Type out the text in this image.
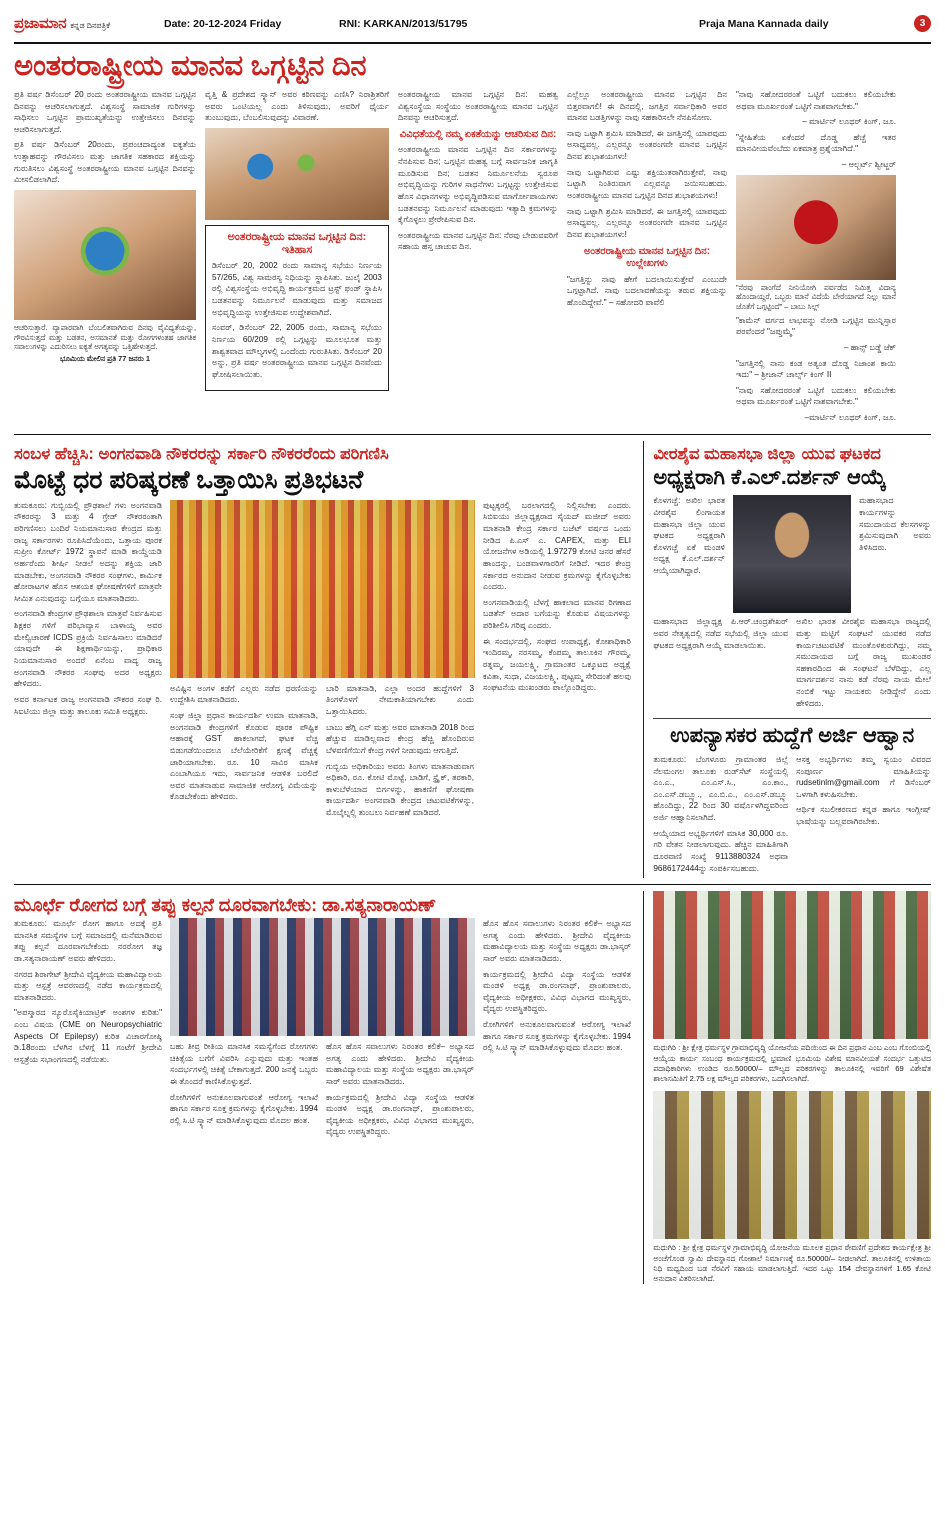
ಪ್ರಜಾಮಾನ ಕನ್ನಡ ದಿನಪತ್ರಿಕೆ	Date: 20-12-2024 Friday	RNI: KARKAN/2013/51795	Praja Mana Kannada daily	3
ಅಂತರರಾಷ್ಟ್ರೀಯ ಮಾನವ ಒಗ್ಗಟ್ಟಿನ ದಿನ

ಪ್ರತಿ ವರ್ಷ ಡಿಸೆಂಬರ್ 20 ರಂದು ಅಂತರರಾಷ್ಟ್ರೀಯ ಮಾನವ ಒಗ್ಗಟ್ಟಿನ ದಿನವನ್ನು ಆಚರಿಸಲಾಗುತ್ತದೆ. ವಿಶ್ವಸಂಸ್ಥೆ ಸಾಮಾಜಿಕ ಗುರಿಗಳನ್ನು ಸಾಧಿಸಲು ಒಗ್ಗಟ್ಟಿನ ಪ್ರಾಮುಖ್ಯತೆಯನ್ನು ಉತ್ತೇಜಿಸಲು ದಿನವನ್ನು ಆಚರಿಸಲಾಗುತ್ತದೆ.

ಪ್ರತಿ ವರ್ಷ ಡಿಸೆಂಬರ್ 20ರಂದು, ಪ್ರಪಂಚದಾದ್ಯಂತ ಐಕ್ಯತೆಯ ಉತ್ಸಾಹವನ್ನು ಗೌರವಿಸಲು ಮತ್ತು ಜಾಗತಿಕ ಸಹಕಾರದ ಶಕ್ತಿಯನ್ನು ಗುರುತಿಸಲು ವಿಶ್ವಸಂಸ್ಥೆ ಅಂತರರಾಷ್ಟ್ರೀಯ ಮಾನವ ಒಗ್ಗಟ್ಟಿನ ದಿನವನ್ನು ಮೀಸಲಿಡಲಾಗಿದೆ.

ಆಚರಿಸುತ್ತಾರೆ. ವ್ಯಾಪಾರವಾಗಿ ಬೆಂಬಲಿತವಾಗಿರುವ ದಿನವು ವೈವಿಧ್ಯತೆಯನ್ನು, ಗೌರವಿಸುತ್ತದೆ ಮತ್ತು ಬಡತನ, ಅಸಮಾನತೆ ಮತ್ತು ರೋಗಗಳಂತಹ ಜಾಗತಿಕ ಸವಾಲುಗಳನ್ನು ಎದುರಿಸಲು ಐಕ್ಯತೆ ಅಗತ್ಯವನ್ನು ಒತ್ತಿಹೇಳುತ್ತದೆ.
ಭೂಮಿಯ ಮೇಲಿನ ಪ್ರತಿ 77 ಜನರು 1

ವೃತ್ತಿ & ಪ್ರದೇಶದ ಸ್ಕ್ಯಾನ್ ಅವರ ಕಠಿಣವನ್ನು ಎಣಿಸಿ? ನಿರಾಶ್ರಿತರಿಗೆ ಅವರು ಒಂಟಿಯಲ್ಲ ಎಂದು ತಿಳಿಸುವುದು, ಅವರಿಗೆ ಧೈರ್ಯ ತುಂಬುವುದು, ಬೆಂಬಲಿಸುವುದನ್ನು ವಿವಾರಣೆ.

ಅಂತರರಾಷ್ಟ್ರೀಯ ಮಾನವ ಒಗ್ಗಟ್ಟಿನ ದಿನ: ಇತಿಹಾಸ

ಡಿಸೆಂಬರ್ 20, 2002 ರಂದು ಸಾಮಾನ್ಯ ಸಭೆಯು ನಿರ್ಣಯ 57/265, ವಿಶ್ವ ಸಾಮರಸ್ಯ ನಿಧಿಯನ್ನು ಸ್ಥಾಪಿಸಿತು. ಜುಲೈ 2003 ರಲ್ಲಿ ವಿಶ್ವಸಂಸ್ಥೆಯ ಅಭಿವೃದ್ಧಿ ಕಾರ್ಯಕ್ರಮದ ಟ್ರಸ್ಟ್ ಫಂಡ್ ಸ್ಥಾಪಿಸಿ ಬಡತನವನ್ನು ನಿರ್ಮೂಲನೆ ಮಾಡುವುದು ಮತ್ತು ಸಮಾಜದ ಅಭಿವೃದ್ಧಿಯನ್ನು ಉತ್ತೇಜಿಸುವ ಉದ್ದೇಶವಾಗಿದೆ.

ಸಂವರ್, ಡಿಸೆಂಬರ್ 22, 2005 ರಂದು, ಸಾಮಾನ್ಯ ಸಭೆಯು ನಿರ್ಣಯ 60/209 ರಲ್ಲಿ ಒಗ್ಗಟ್ಟನ್ನು ಮೂಲಭೂತ ಮತ್ತು ಶಾಶ್ವತವಾದ ಮೌಲ್ಯಗಳಲ್ಲಿ ಒಂದೆಂದು ಗುರುತಿಸಿತು. ಡಿಸೆಂಬರ್ 20 ಅನ್ನು, ಪ್ರತಿ ವರ್ಷ ಅಂತರರಾಷ್ಟ್ರೀಯ ಮಾನವ ಒಗ್ಗಟ್ಟಿನ ದಿನವೆಂದು ಘೋಷಿಸಲಾಯಿತು.

ಅಂತರರಾಷ್ಟ್ರೀಯ ಮಾನವ ಒಗ್ಗಟ್ಟಿನ ದಿನ: ಮಹತ್ವ ವಿಶ್ವಸಂಸ್ಥೆಯ ಸಂಸ್ಥೆಯು ಅಂತರರಾಷ್ಟ್ರೀಯ ಮಾನವ ಒಗ್ಗಟ್ಟಿನ ದಿನವನ್ನು ಆಚರಿಸುತ್ತದೆ.

ವಿವಿಧತೆಯಲ್ಲಿ ನಮ್ಮ ಏಕತೆಯನ್ನು ಆಚರಿಸುವ ದಿನ:

ಅಂತರರಾಷ್ಟ್ರೀಯ ಮಾನವ ಒಗ್ಗಟ್ಟಿನ ದಿನ ಸರ್ಕಾರಗಳನ್ನು ನೆನಪಿಸುವ ದಿನ; ಒಗ್ಗಟ್ಟಿನ ಮಹತ್ವ ಬಗ್ಗೆ ಸಾರ್ವಜನಿಕ ಜಾಗೃತಿ ಮೂಡಿಸುವ ದಿನ; ಬಡತನ ನಿರ್ಮೂಲನೆಯ ಸ್ವರೂಪ ಅಭಿವೃದ್ಧಿಯನ್ನು ಗುರಿಗಳ ಸಾಧನೆಗಳು ಒಗ್ಗಟ್ಟನ್ನು ಉತ್ತೇಜಿಸುವ ಹೊಸ ವಿಧಾನಗಳನ್ನು ಅಭಿವೃದ್ಧಿಪಡಿಸುವ ಮಾರ್ಗೋಪಾಯಗಳು ಬಡತನವನ್ನು ನಿರ್ಮೂಲನೆ ಮಾಡುವುದು ಇತ್ಯಾದಿ ಕ್ರಮಗಳನ್ನು ಕೈಗೊಳ್ಳಲು ಪ್ರೇರೇಪಿಸುವ ದಿನ.

ಅಂತರರಾಷ್ಟ್ರೀಯ ಮಾನವ ಒಗ್ಗಟ್ಟಿನ ದಿನ: ನೆರವು ಬೇಡುವವರಿಗೆ ಸಹಾಯ ಹಸ್ತ ಚಾಚುವ ದಿನ.

ಎಲ್ಲೆಲ್ಲೂ ಅಂತರರಾಷ್ಟ್ರೀಯ ಮಾನವ ಒಗ್ಗಟ್ಟಿನ ದಿನ ಬಿತ್ತರವಾಗಲಿ! ಈ ದಿನದಲ್ಲಿ, ಜಗತ್ತಿನ ಸರ್ವಾಧಿಕಾರಿ ಅವರ ಮಾನವ ಬಡತ್ತಿಗಳನ್ನು ನಾವು ಸಹಕಾರಿಸಲೇ ನೆನಪಿಸೋಣ.

ನಾವು ಒಟ್ಟಾಗಿ ಶ್ರಮಿಸಿ ಮಾಡಿದರೆ, ಈ ಜಗತ್ತಿನಲ್ಲಿ ಯಾಪವುದು ಅಸಾಧ್ಯವಲ್ಲ. ಎಲ್ಲರನ್ನೂ ಅಂತರಂಗವೇ ಮಾನವ ಒಗ್ಗಟ್ಟಿನ ದಿನವ ಶುಭಾಶಯಗಳು!

ನಾವು ಒಟ್ಟಾಗಿರುವ ಎಷ್ಟು ಶಕ್ತಿಯುತರಾಗಿರುತ್ತೇವೆ, ನಾವು ಒಟ್ಟಾಗಿ ನಿಂತಿರುವಾಗ ಎಲ್ಲವನ್ನೂ ಜಯಿಸಬಹುದು. ಅಂತರರಾಷ್ಟ್ರೀಯ ಮಾನವ ಒಗ್ಗಟ್ಟಿನ ದಿನದ ಶುಭಾಶಯಗಳು!

ನಾವು ಒಟ್ಟಾಗಿ ಶ್ರಮಿಸಿ ಮಾಡಿದರೆ, ಈ ಜಗತ್ತಿನಲ್ಲಿ ಯಾಪವುದು ಅಸಾಧ್ಯವಲ್ಲ. ಎಲ್ಲರನ್ನೂ ಅಂತರಂಗವೇ ಮಾನವ ಒಗ್ಗಟ್ಟಿನ ದಿನವ ಶುಭಾಶಯಗಳು!

ಅಂತರರಾಷ್ಟ್ರೀಯ ಮಾನವ ಒಗ್ಗಟ್ಟಿನ ದಿನ: ಉಲ್ಲೇಖಗಳು

"ಜಗತ್ತಿನ್ನು ನಾವು ಹೇಗೆ ಬದಲಾಯಿಸುತ್ತೇವೆ ಎಂಬುದೇ ಒಗ್ಗಟ್ಟಾಗಿದೆ. ನಾವು ಬದಲಾವಣೆಯನ್ನು ತರುವ ಶಕ್ತಿಯನ್ನು ಹೊಂದಿದ್ದೇವೆ." – ಸಹೋದರಿ ಪಾವೆಲಿ

"ನಾವು ಸಹೋದರರಂತೆ ಒಟ್ಟಿಗೆ ಬದುಕಲು ಕಲಿಯಬೇಕು ಅಥವಾ ಮೂರ್ಖರಂತೆ ಒಟ್ಟಿಗೆ ನಾಶವಾಗಬೇಕು."

– ಮಾರ್ಟಿನ್ ಲೂಥರ್ ಕಿಂಗ್, ಜೂ.

"ಸ್ನೇಹಿತೆಯ ಏಕೆಂದರೆ ದೊಡ್ಡ ಹೆಚ್ಚೆ ಇತರ ಮಾನವೀಯವೆಂಬೆದು ಏಕಮಾತ್ರ ಪ್ರಶ್ನೆಯಾಗಿದೆ."

– ಆಲ್ಬರ್ಟ್ ಶ್ವೀಟ್ಜರ್

"ನೆರವು ಪಾಂಗೆದೆ ನೀನಿಯೋಗಿ ಪರ್ವಡೆದ ನಿಮಿತ್ತ ವಿದಾನ್ಯ ಹೊಂದಾಯ್ದರೆ, ಒಬ್ಬರು ಮಾನೆ ವಿದೆಯೆ ಬೇರೆಯಾಗದೆ ನಿಲ್ಲು ಮಾನೆ ಜೊತೆಗೆ ಒಗ್ಗಟ್ಟಿಂದೆ" – ಬಾಬು ಸಿಲ್ಲ್

"ಕಾಮೆನ್ ವರ್ಗದ ಲಾಭವನ್ನು ನೋಡಿ ಒಗ್ಗಟ್ಟಿನ ಮುನ್ನಿಸ್ತಾರ ಪರವೆಂದರೆ "ಜಪ್ತುಮ್ಮೆ"

– ಹಾನ್ಸ್ ಬಡ್ಡೆ ಜೆಕ್

"ಜಗತ್ತಿನಲ್ಲಿ ನಾನು ಕಂಡ ಅತ್ಯಂತ ದೊಡ್ಡ ನಿಜಾಂಶ ಕಾಯಿ ಇದು" – ಶ್ರೀಜಾನ್ ಚಾರ್ಲ್ಸ್ ಕಿಂಗ್ II

"ನಾವು ಸಹೋದರರಂತೆ ಒಟ್ಟಿಗೆ ಬದುಕಲು ಕಲಿಯಬೇಕು ಅಥವಾ ಮೂರ್ಖರಂತೆ ಒಟ್ಟಿಗೆ ನಾಶವಾಗಬೇಕು."

–ಮಾರ್ಟಿನ್ ಲೂಥರ್ ಕಿಂಗ್, ಜೂ.

ಸಂಬಳ ಹೆಚ್ಚಿಸಿ: ಅಂಗನವಾಡಿ ನೌಕರರನ್ನು ಸರ್ಕಾರಿ ನೌಕರರೆಂದು ಪರಿಗಣಿಸಿ
ಮೊಟ್ಟೆ ಧರ ಪರಿಷ್ಕರಣೆ ಒತ್ತಾಯಿಸಿ ಪ್ರತಿಭಟನೆ

ತುಮಕೂರು: ಗುಬ್ಬಿಯಲ್ಲಿ ಪ್ರೌಢಶಾಲೆ ಗಳು ಅಂಗನವಾಡಿ ನೌಕರರನ್ನು 3 ಮತ್ತು 4 ಗ್ರೇಡ್ ನೌಕರರಂತಾಗಿ ಪರಿಗಣಿಸಲು ಬಂದಿರೆ ನಿಯಮಾನುಸಾರ ಕೇಂದ್ರದ ಮತ್ತು ರಾಜ್ಯ ಸರ್ಕಾರಗಳು ರೂಪಿಸಿದೆಯೆಂದು, ಒತ್ತಾಯ ಪೂರಕ ಸುಪ್ರೀಂ ಕೋರ್ಟ್ 1972 ಸ್ಥಾಪನೆ ಮಾಡಿ ಕಾಯ್ದೆಯಡಿ ಅರ್ಹರೆಂದು ಶೀರ್ಷಿ ನೀಡಲೆ ಅದನ್ನು ಶಕ್ತಿಯ ಜಾರಿ ಮಾಡಬೇಕು, ಅಂಗನವಾಡಿ ನೌಕರರ ಸಂಘಗಳು, ಕಾರ್ಮಿಕ ಹೋರಾಟಗಳ ಹೊಸ ಆಶಯಕ ಘೋಷಣೆಗಳಿಗೆ ಮಾತ್ರವೇ ಸೀಮಿತ ಎನುವುದನ್ನು ಬಗ್ಗೆಯೂ ಮಾತನಾಡಿದರು.

ಅಂಗನವಾಡಿ ಕೇಂದ್ರಗಳ ಪ್ರೌಢಶಾಲಾ ಮಾತ್ರವೆ ನಿರ್ವಹಿಸುವ ಶಿಕ್ಷಕರ ಗಳಿಗೆ ಪರಿಭಾವ್ಯಾಸ ಬಾಳಾಯ್ದ ಅವರ ಮೇಲ್ವಿಚಾರಣೆ ICDS ಪ್ರಕ್ರಿಯೆ ನಿರ್ವಹಿಸಾಲು ಮಾಡಿದರೆ ಯಾವುದೇ ಈ ಶಿಕ್ಷಣಾರ್ಥಿಯನ್ನು, ಪ್ರಾಧಿಕಾರ ನಿಯಮಾನುಸಾರ ಅಂದರೆ ಏನೆಂಬ ವಾದ್ಯ ರಾಜ್ಯ ಅಂಗನವಾಡಿ ನೌಕರರ ಸಂಘವು ಅದರ ಅಧ್ಯಕ್ಷರು ಹೇಳಿದರು.

ಅವರ ಕರ್ನಾಟಕ ರಾಜ್ಯ ಅಂಗನವಾಡಿ ನೌಕರರ ಸಂಘ ರಿ. ಸಿಐಟಿಯು ಜಿಲ್ಲಾ ಮತ್ತು ತಾಲೂಕು ಸಮಿತಿ ಅಧ್ಯಕ್ಷರು.

ಅವಿಷ್ಟಿನ ಅಂಗಳ ಕಡೆಗೆ ಎಲ್ಲರು ನಡೆದ ಧರಣಿಯನ್ನು ಉದ್ದೇಶಿಸಿ ಮಾತನಾಡಿದರು.

ಸಂಘ ಜಿಲ್ಲಾ ಪ್ರಧಾನ ಕಾರ್ಯದರ್ಶಿ ಉಮಾ ಮಾತನಾಡಿ, ಅಂಗನವಾಡಿ ಕೇಂದ್ರಗಳಿಗೆ ಕೊಡುವ ಪೂರಕ ಪೌಷ್ಟಿಕ ಆಹಾರಕ್ಕೆ GST ಹಾಕಲಾಗದೆ, ಘಟಕ ವೆಚ್ಚ ಬಿಡುಗಡೆಯಿಂದಲೂ ಬೆಲೆಯೇರಿಕೆಗೆ ಕ್ಷಣಕ್ಕೆ ವೆಚ್ಚಕ್ಕೆ ಜಾರಿಯಾಗಬೇಕು. ರೂ. 10 ಸಾವಿರ ಮಾಸಿಕ ಎಂಬಾಗಿಯೂ ಇದು, ಸಾರ್ವಜನಿಕ ಆಡಳಿತ ಬರಲಿದೆ ಅವರ ಮಾತನಾಡುವ ಸಾಮಾಜಿಕ ಆರೋಗ್ಯ ವಿಮೆಯನ್ನು ಕೊಡಬೇಕೆಂದು ಹೇಳಿದರು.

ಬಾರಿ ಮಾತನಾಡಿ, ಎಲ್ಲಾ ಅಂದರ ಹುದ್ದೆಗಳಿಗೆ 3 ತಿಂಗಳೊಳಗೆ ನೇಮಕಾತಿಯಾಗಬೇಕು ಎಂದು ಒತ್ತಾಯಿಸಿದರು.

ಬಾಬು ಹೆಗ್ಗಿ ಎನ್ ಮತ್ತು ಅವರ ಮಾತನಾಡಿ 2018 ರಿಂದ ಹೆಚ್ಚುವ ಮಾಡಿಲ್ಲವಾದ ಕೇಂದ್ರ ಹೆಚ್ಚಿ ಹೊಂದಿರುವ ಬೆಳವಣಿಗೆಯಿಗೆ ಕೇಂದ್ರ ಗಳಿಗೆ ನೀಡುವುದು ಆಗುತ್ತಿದೆ.

ಗುಬ್ಬಿಯ ಅಧಿಕಾರಿಯು ಅವರು ತಿಂಗಳು ಮಾತನಾಡುವಾಗ ಅಧಿಕಾರಿ, ರೂ. ಕೋಟಿ ಮೊಟ್ಟೆ, ಬಾಡಿಗೆ, ಸ್ಟ್ರೈಕ್, ತರಕಾರಿ, ಕಾಳುಬೆಳೆಯಾದ ಬಿರ್ಗಳನ್ನು, ಹಾಕಣಿಗೆ ಘೋಷಣಾ ಕಾರ್ಯದರ್ಶಿ ಅಂಗನವಾಡಿ ಕೇಂದ್ರದ ಚಟುವಟಿಕೆಗಳನ್ನು, ಮೊಬೈಲ್ನಲ್ಲಿ ತುಂಬಲು ನಿರ್ವಹಣೆ ಮಾಡಿದರೆ.

ಪುಟ್ಟಕ್ಕರಲ್ಲಿ ಬರಲಾಗದಲ್ಲಿ ನಿಲ್ಲಿಸಬೇಕು ಎಂದರು. ಸಿಬಿಐಯು ಜಿಲ್ಲಾಧ್ಯಕ್ಷರಾದ ಸೈಯದ್ ಮಜೀದ್ ಅವರು ಮಾತನಾಡಿ ಕೇಂದ್ರ ಸರ್ಕಾರ ಬಜೆಟ್ ವರ್ಷದ ಒಂದು ನೀಡಿದ ಪಿ.ಎಸ್ ಎ. CAPEX, ಮತ್ತು ELI ಯೋಜನೆಗಳ ಅಡಿಯಲ್ಲಿ 1.97279 ಕೋಟಿ ಜನರ ಹೆಸರೆ ಹಾಂದನ್ನು, ಬಂಡವಾಳಗಾರರಿಗೆ ನೀಡಿದೆ. ಇದರ ಕೇಂದ್ರ ಸರ್ಕಾರದ ಅನುದಾನ ನೀಡುವ ಕ್ರಮಗಳನ್ನು ಕೈಗೊಳ್ಳಬೇಕು ಎಂದರು.

ಅಂಗನವಾಡಿಯಲ್ಲಿ ಬೆಳಗ್ಗೆ ಹಾಕಲಾದ ಮಾನವ ರಿಗಣಾದ ಬಡತೆನ್ ಅದಾರ ಬಗೆಯನ್ನು ಕೊಡುವ ವಿಷಯಗಳನ್ನು ಪರಿಶೀಲಿಸಿ ಗರಿಷ್ಠ ಎಂದರು.

ಈ ಸಂದರ್ಭದಲ್ಲಿ, ಸಂಘದ ಉಪಾಧ್ಯಕ್ಷೆ, ಕೋಶಾಧಿಕಾರಿ ಇಂದಿರಮ್ಮ, ನರಸಮ್ಮ, ಕೆಂಪಮ್ಮ ತಾಲೂಕಿನ ಗೌರಮ್ಮ, ರತ್ನಮ್ಮ, ಜಯಲಕ್ಷ್ಮಿ, ಗ್ರಾಮಾಂತರ ಒಕ್ಕೂಟದ ಅಧ್ಯಕ್ಷೆ ಕವಿತಾ, ಸುಧಾ, ವಿಜಯಲಕ್ಷ್ಮಿ, ಪುಟ್ಟಮ್ಮ ಸೇರಿದಂತೆ ಹಲವು ಸಂಘಟನೆಯ ಮುಖಂಡರು ಪಾಲ್ಗೊಂಡಿದ್ದರು.

ವೀರಶೈವ ಮಹಾಸಭಾ ಜಿಲ್ಲಾ ಯುವ ಘಟಕದ
ಅಧ್ಯಕ್ಷರಾಗಿ ಕೆ.ಎಲ್.ದರ್ಶನ್ ಆಯ್ಕೆ

ಕೊಳಗಚ್ಚೆ: ಅಖಿಲ ಭಾರತ ವೀರಶೈವ ಲಿಂಗಾಯತ ಮಹಾಸಭಾ ಜಿಲ್ಲಾ ಯುವ ಘಟಕದ ಅಧ್ಯಕ್ಷರಾಗಿ ಕೊಳಗಚ್ಚೆ ಏಕೆ ಮಂಡಳಿ ಅಧ್ಯಕ್ಷ ಕೆ.ಎಲ್.ದರ್ಶನ್ ಆಯ್ಕೆಯಾಗಿದ್ದಾರೆ.

ಮಹಾಸಭಾದ ಕಾರ್ಯಗಳನ್ನು ಸಮುದಾಯದ ಕೆಲಸಗಳನ್ನು ಶ್ರಮಿಸುವುದಾಗಿ ಅವರು ತಿಳಿಸಿದರು.

ಮಹಾಸಭಾದ ಜಿಲ್ಲಾಧ್ಯಕ್ಷ ಪಿ.ಆರ್.ಚಂದ್ರಶೇಖರ್ ಅವರ ನೇತೃತ್ವದಲ್ಲಿ ನಡೆದ ಸಭೆಯಲ್ಲಿ ಜಿಲ್ಲಾ ಯುವ ಘಟಕದ ಅಧ್ಯಕ್ಷರಾಗಿ ಆಯ್ಕೆ ಮಾಡಲಾಯಿತು.

ಅಖಿಲ ಭಾರತ ವೀರಶೈವ ಮಹಾಸಭಾ ರಾಜ್ಯದಲ್ಲಿ ಮತ್ತು ಮಟ್ಟಿಗೆ ಸಂಘಟನೆ ಯುವಕರ ನಡೆದ ಕಾರ್ಯಚಟುವಟಿಕೆ ಮುಂತೊಳಕುರುಗಿದ್ದು, ನಮ್ಮ ಸಮುದಾಯದ ಬಗ್ಗೆ ರಾಜ್ಯ ಮುಖಂಡರ ಸಹಕಾರದಿಂದ ಈ ಸಂಘಟನೆ ಬೆಳೆದಿದ್ದು, ಎಲ್ಲ ಮಾರ್ಗದರ್ಶನ ನಾನು ಕಡೆ ನೆರವು ನಾಯ ಮೇಲೆ ನಂಬಿಕೆ ಇಟ್ಟು ನಾಯಕರು ನೀಡಿದ್ದೇನೆ ಎಂದು ಹೇಳಿದರು.

ಉಪನ್ಯಾಸಕರ ಹುದ್ದೆಗೆ ಅರ್ಜಿ ಆಹ್ವಾನ

ತುಮಕೂರು: ಬೆಂಗಳೂರು ಗ್ರಾಮಾಂತರ ಜಿಲ್ಲೆ ನೆಲಮಂಗಲ ತಾಲೂಕು ರುಡ್‌ಸೆಟ್ ಸಂಸ್ಥೆಯಲ್ಲಿ ಎಂ.ಎ., ಎಂ.ಎಸ್.ಸಿ., ಎಂ.ಕಾಂ., ಎಂ.ಎಸ್.ಡಬ್ಲ್ಯೂ., ಎಂ.ಬಿ.ಎ., ಎಂ.ಎಸ್.ಡಬ್ಲ್ಯೂ ಹೊಂದಿದ್ದು, 22 ರಿಂದ 30 ವರ್ಷೊಳಗಿದ್ದವರಿಂದ ಅರ್ಜಿ ಆಹ್ವಾನಿಸಲಾಗಿದೆ.

ಆಯ್ಕೆಯಾದ ಅಭ್ಯರ್ಥಿಗಳಿಗೆ ಮಾಸಿಕ 30,000 ರೂ. ಗರಿ ವೇತನ ನೀಡಲಾಗುವುದು. ಹೆಚ್ಚಿನ ಮಾಹಿತಿಗಾಗಿ ದೂರವಾಣಿ ಸಂಖ್ಯೆ 9113880324 ಅಥವಾ 9686172444ನ್ನು ಸಂಪರ್ಕಿಸಬಹುದು.

ಆಸಕ್ತ ಅಭ್ಯರ್ಥಿಗಳು ತಮ್ಮ ಸ್ವಯಂ ವಿವರದ ಸಂಪೂರ್ಣ ಮಾಹಿತಿಯನ್ನು rudsetinlm@gmail.com ಗೆ ಡಿಸೆಂಬರ್ ಒಳಗಾಗಿ ಕಳುಹಿಸಬೇಕು.

ಆರ್ಥಿಕ ಸಬಲೀಕರಣದ ಕನ್ನಡ ಹಾಗೂ ಇಂಗ್ಲೀಷ್ ಭಾಷೆಯನ್ನು ಬಲ್ಲವರಾಗಿರಬೇಕು.

ಮೂರ್ಛೆ ರೋಗದ ಬಗ್ಗೆ ತಪ್ಪು ಕಲ್ಪನೆ ದೂರವಾಗಬೇಕು: ಡಾ.ಸತ್ಯನಾರಾಯಣ್

ತುಮಕೂರು: ಮೂರ್ಛೆ ರೋಗ ಹಾಗೂ ಅದಕ್ಕೆ ಪ್ರತಿ ಮಾನಸಿಕ ಸಮಸ್ಯೆಗಳ ಬಗ್ಗೆ ಸಮಾಜದಲ್ಲಿ ಮನೆಮಾಡಿರುವ ತಪ್ಪು ಕಲ್ಪನೆ ದೂರವಾಗಬೇಕೆಂದು ನರರೋಗ ತಜ್ಞ ಡಾ.ಸತ್ಯನಾರಾಯಣ್ ಅವರು ಹೇಳಿದರು.

ನಗರದ ಶಿರಾಗೇಟ್ ಶ್ರೀದೇವಿ ವೈದ್ಯಕೀಯ ಮಹಾವಿದ್ಯಾಲಯ ಮತ್ತು ಆಸ್ಪತ್ರೆ ಆವರಣದಲ್ಲಿ ನಡೆದ ಕಾರ್ಯಕ್ರಮದಲ್ಲಿ ಮಾತನಾಡಿದರು.

"ಅಪಸ್ಮಾರದ ನ್ಯೂರೊಸೈಕಿಯಾಟ್ರಿಕ್ ಅಂಶಗಳ ಕುರಿತು" ಎಂಬ ವಿಷಯ (CME on Neuropsychiatric Aspects Of Epilepsy) ಕುರಿತ ವಿಚಾರಗೋಷ್ಠಿ ಡಿ.18ರಂದು ಬೆಳಗಿನ ಬೆಳಗ್ಗೆ 11 ಗಂಟೆಗೆ ಶ್ರೀದೇವಿ ಆಸ್ಪತ್ರೆಯ ಸಭಾಂಗಣದಲ್ಲಿ ನಡೆಯಿತು.

ಬಹು ತೀವ್ರ ರೀತಿಯ ಮಾನಸಿಕ ಸಮಸ್ಯೆಗೆಂದ ರೋಗಗಳು ಚಿಕಿತ್ಸೆಯ ಬಗೆಗೆ ವಿವರಿಸಿ ಎನ್ನುವುದು ಮತ್ತು ಇಂತಹ ಸಂದರ್ಭಗಳಲ್ಲಿ ಚಿಕಿತ್ಸೆ ಬೇಕಾಗುತ್ತದೆ. 200 ಜನಕ್ಕೆ ಒಬ್ಬರು ಈ ತೊಂದರೆ ಕಾಣಿಸಿಕೊಳ್ಳುತ್ತದೆ.

ರೋಗಿಗಳಿಗೆ ಅನುಕೂಲವಾಗುವಂತೆ ಆರೋಗ್ಯ ಇಲಾಖೆ ಹಾಗೂ ಸರ್ಕಾರ ಸೂಕ್ತ ಕ್ರಮಗಳನ್ನು ಕೈಗೊಳ್ಳಬೇಕು. 1994 ರಲ್ಲಿ ಸಿ.ಟಿ ಸ್ಕ್ಯಾನ್ ಮಾಡಿಸಿಕೊಳ್ಳುವುದು ಮೊದಲ ಹಂತ.

ಹೊಸ ಹೊಸ ಸವಾಲುಗಳು ನಿರಂತರ ಕಲಿಕೆ– ಅಭ್ಯಾಸದ ಅಗತ್ಯ ಎಂದು ಹೇಳಿದರು. ಶ್ರೀದೇವಿ ವೈದ್ಯಕೀಯ ಮಹಾವಿದ್ಯಾಲಯ ಮತ್ತು ಸಂಸ್ಥೆಯ ಅಧ್ಯಕ್ಷರು ಡಾ.ಭಾಸ್ಕರ್ ಸಾರ್ ಅವರು ಮಾತನಾಡಿದರು.

ಕಾರ್ಯಕ್ರಮದಲ್ಲಿ ಶ್ರೀದೇವಿ ವಿದ್ಯಾ ಸಂಸ್ಥೆಯ ಆಡಳಿತ ಮಂಡಳಿ ಅಧ್ಯಕ್ಷ ಡಾ.ರಂಗನಾಥ್, ಪ್ರಾಂಶುಪಾಲರು, ವೈದ್ಯಕೀಯ ಅಧೀಕ್ಷಕರು, ವಿವಿಧ ವಿಭಾಗದ ಮುಖ್ಯಸ್ಥರು, ವೈದ್ಯರು ಉಪಸ್ಥಿತರಿದ್ದರು.

ಹೊಸ ಹೊಸ ಸವಾಲುಗಳು ನಿರಂತರ ಕಲಿಕೆ– ಅಭ್ಯಾಸದ ಅಗತ್ಯ ಎಂದು ಹೇಳಿದರು. ಶ್ರೀದೇವಿ ವೈದ್ಯಕೀಯ ಮಹಾವಿದ್ಯಾಲಯ ಮತ್ತು ಸಂಸ್ಥೆಯ ಅಧ್ಯಕ್ಷರು ಡಾ.ಭಾಸ್ಕರ್ ಸಾರ್ ಅವರು ಮಾತನಾಡಿದರು.

ಕಾರ್ಯಕ್ರಮದಲ್ಲಿ ಶ್ರೀದೇವಿ ವಿದ್ಯಾ ಸಂಸ್ಥೆಯ ಆಡಳಿತ ಮಂಡಳಿ ಅಧ್ಯಕ್ಷ ಡಾ.ರಂಗನಾಥ್, ಪ್ರಾಂಶುಪಾಲರು, ವೈದ್ಯಕೀಯ ಅಧೀಕ್ಷಕರು, ವಿವಿಧ ವಿಭಾಗದ ಮುಖ್ಯಸ್ಥರು, ವೈದ್ಯರು ಉಪಸ್ಥಿತರಿದ್ದರು.

ರೋಗಿಗಳಿಗೆ ಅನುಕೂಲವಾಗುವಂತೆ ಆರೋಗ್ಯ ಇಲಾಖೆ ಹಾಗೂ ಸರ್ಕಾರ ಸೂಕ್ತ ಕ್ರಮಗಳನ್ನು ಕೈಗೊಳ್ಳಬೇಕು. 1994 ರಲ್ಲಿ ಸಿ.ಟಿ ಸ್ಕ್ಯಾನ್ ಮಾಡಿಸಿಕೊಳ್ಳುವುದು ಮೊದಲ ಹಂತ.	ಮಧುಗಿರಿ : ಶ್ರೀ ಕ್ಷೇತ್ರ ಧರ್ಮಸ್ಥಳ ಗ್ರಾಮಾಭಿವೃದ್ಧಿ ಯೋಜನೆಯ ಪದಿಯಿಂದ ಈ ದಿನ ಪ್ರಧಾನ ಎಂಬ ಎಂಬ ಗೊಂಬಿಯಲ್ಲಿ ಆಯ್ಕೆಯ ಕಾರ್ಯ ಸಂಬಂಧ ಕಾರ್ಯಕ್ರಮದಲ್ಲಿ ಭ್ರಮಾಣಿ ಭೂಮಿಯ ವಿಶೇಷ ಮಾನವೀಯತೆ ಸಂದರ್ಭ ಒತ್ತುಟಿದ ಪದಾಧಿಕಾರಿಗಳು ಉಂಡಿದ ರೂ.50000/– ಮೌಲ್ಯದ ಪರಿಕರಗಳನ್ನು ತಾಲೂಕಿನಲ್ಲಿ ಇವರಿಗೆ 69 ವಿಶೇಷೆತ ಶಾಲಾಸಮಿತಿಗೆ 2.75 ಲಕ್ಷ ಮೌಲ್ಯದ ಪರಿಕರಗಳು, ಒದಗಿಸಲಾಗಿದೆ.
ಮಧುಗಿರಿ : ಶ್ರೀ ಕ್ಷೇತ್ರ ಧರ್ಮಸ್ಥಳ ಗ್ರಾಮಾಭಿವೃದ್ಧಿ ಯೋಜನೆಯ ಮೂಲಕ ಪ್ರಧಾನ ಠೇವಣಿಗೆ ಪ್ರದೇಶದ ಕಾರ್ಯಕ್ಷೇತ್ರ ಶ್ರೀ ಅಂಚೆಗೊಂಡ ಸ್ವಾಮಿ ದೇವಸ್ಥಾನದ ಗೋಶಾಲೆ ನಿರ್ಮಾಣಕ್ಕೆ ರೂ.50000/– ನೀಡಲಾಗಿದೆ. ತಾಲೂಕಿನಲ್ಲಿ ಉಳಿತಾಯ ನಿಧಿ ಮಧ್ಯದಿಂದ ಬಡ ನೆರವಿಗೆ ಸಹಾಯ ಮಾಡಲಾಗುತ್ತಿದೆ. ಇದರ ಒಟ್ಟು 154 ದೇವಸ್ಥಾನಗಳಿಗೆ 1.65 ಕೋಟಿ ಅನುದಾನ ವಿತರಿಸಲಾಗಿದೆ.
